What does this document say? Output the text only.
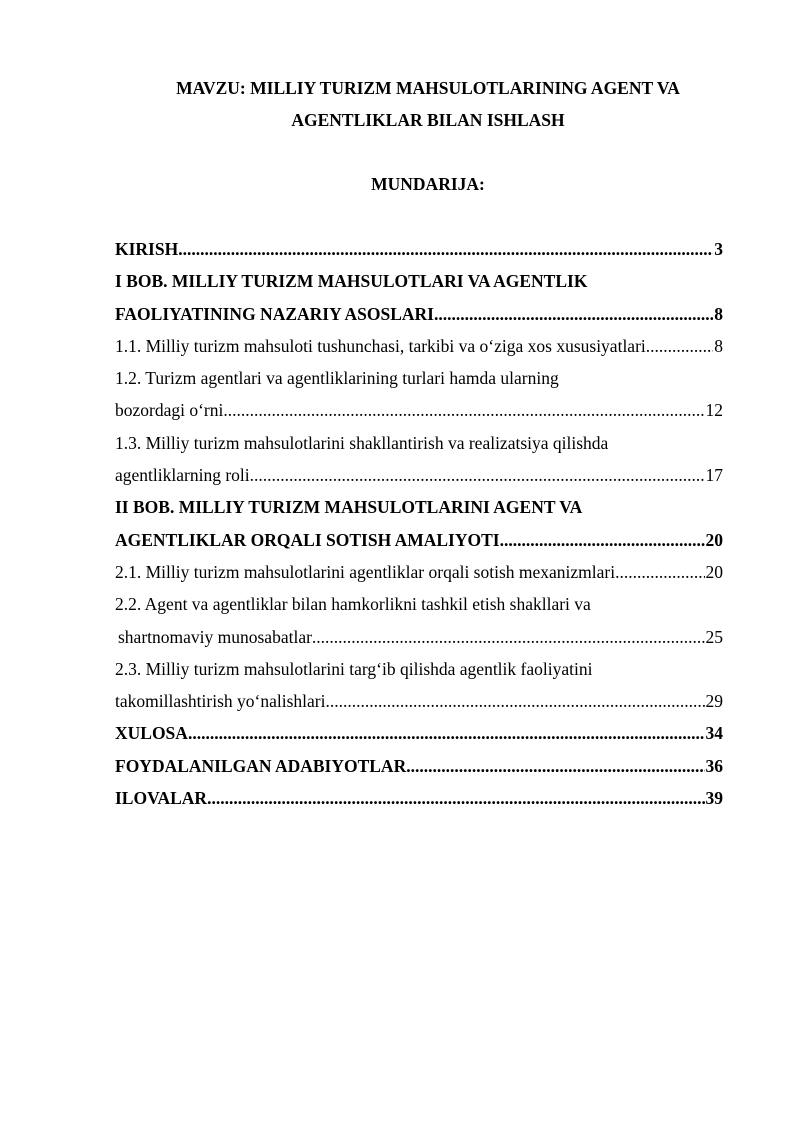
MAVZU: MILLIY TURIZM MAHSULOTLARINING AGENT VA
AGENTLIKLAR BILAN ISHLASH
MUNDARIJA:
KIRISH .....	3
I BOB. MILLIY TURIZM MAHSULOTLARI VA AGENTLIK
FAOLIYATINING NAZARIY ASOSLARI .....	8
1.1. Milliy turizm mahsuloti tushunchasi, tarkibi va o‘ziga xos xususiyatlari .....	8
1.2. Turizm agentlari va agentliklarining turlari hamda ularning
bozordagi o‘rni .....	12
1.3. Milliy turizm mahsulotlarini shakllantirish va realizatsiya qilishda
agentliklarning roli .....	17
II BOB. MILLIY TURIZM MAHSULOTLARINI AGENT VA
AGENTLIKLAR ORQALI SOTISH AMALIYOTI .....	20
2.1. Milliy turizm mahsulotlarini agentliklar orqali sotish mexanizmlari .....	20
2.2. Agent va agentliklar bilan hamkorlikni tashkil etish shakllari va
shartnomaviy munosabatlar .....	25
2.3. Milliy turizm mahsulotlarini targ‘ib qilishda agentlik faoliyatini
takomillashtirish yo‘nalishlari .....	29
XULOSA .....	34
FOYDALANILGAN ADABIYOTLAR .....	36
ILOVALAR .....	39
